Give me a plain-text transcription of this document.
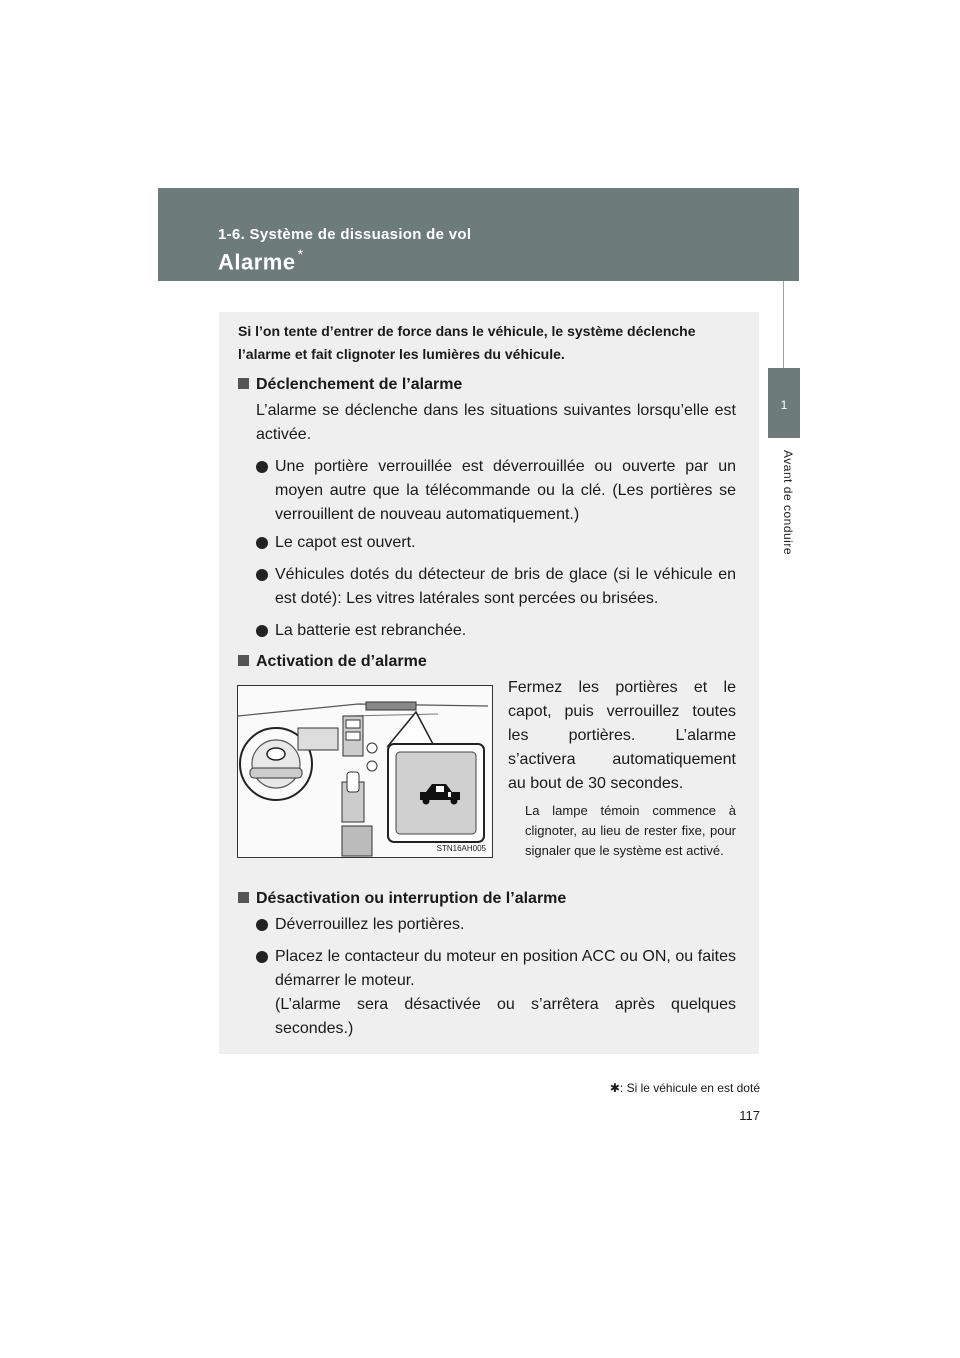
1-6. Système de dissuasion de vol
Alarme *
1
Avant de conduire
Si l’on tente d’entrer de force dans le véhicule, le système déclenche l’alarme et fait clignoter les lumières du véhicule.
Déclenchement de l’alarme
L’alarme se déclenche dans les situations suivantes lorsqu’elle est activée.
Une portière verrouillée est déverrouillée ou ouverte par un moyen autre que la télécommande ou la clé. (Les portières se verrouillent de nouveau automatiquement.)
Le capot est ouvert.
Véhicules dotés du détecteur de bris de glace (si le véhicule en est doté): Les vitres latérales sont percées ou brisées.
La batterie est rebranchée.
Activation de d’alarme
STN16AH005
Fermez les portières et le
capot, puis verrouillez toutes
les	portières.	L’alarme
s’activera automatiquement
au bout de 30 secondes.
La lampe témoin commence à clignoter, au lieu de rester fixe, pour signaler que le système est activé.
Désactivation ou interruption de l’alarme
Déverrouillez les portières.
Placez le contacteur du moteur en position ACC ou ON, ou faites démarrer le moteur.
(L’alarme sera désactivée ou s’arrêtera après quelques secondes.)
✱: Si le véhicule en est doté
117
